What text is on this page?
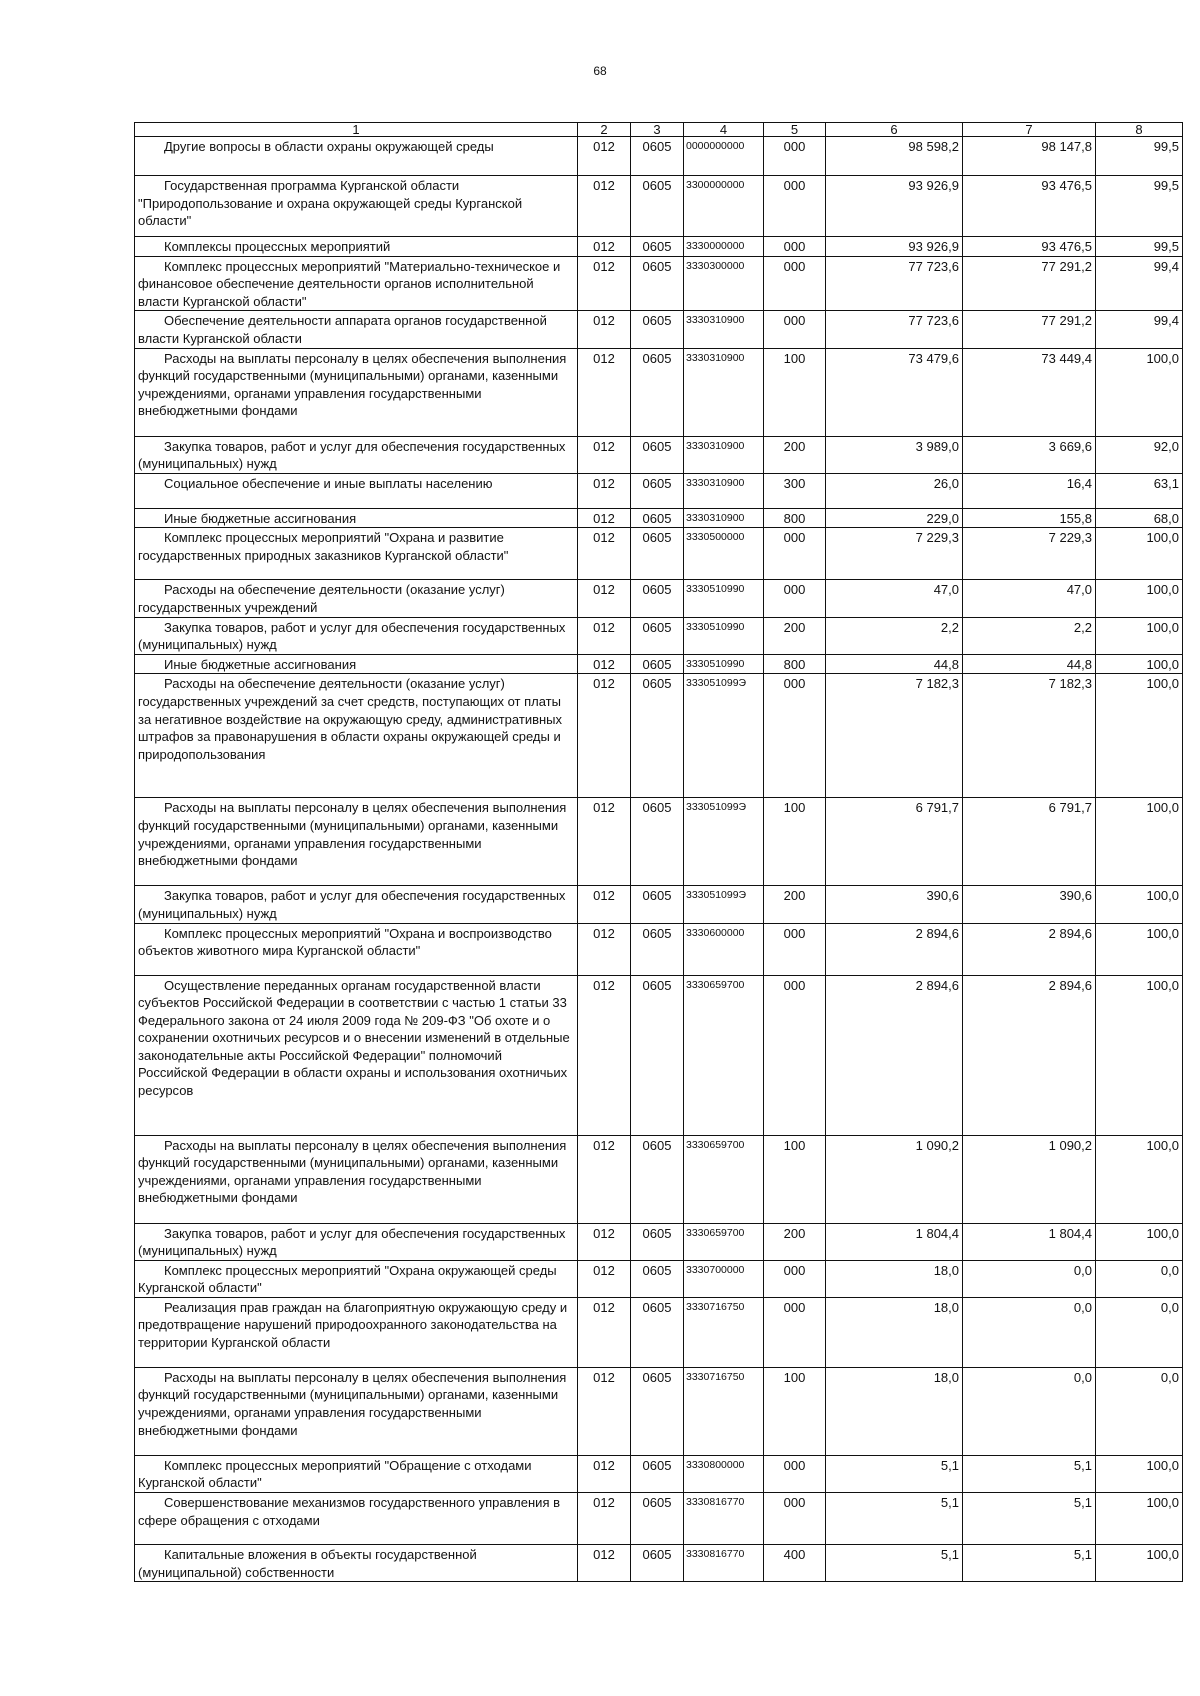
68
1	2	3	4	5	6	7	8

Другие вопросы в области охраны окружающей среды	012	0605	0000000000	000	98 598,2	98 147,8	99,5

Государственная программа Курганской области "Природопользование и охрана окружающей среды Курганской области"	012	0605	3300000000	000	93 926,9	93 476,5	99,5

Комплексы процессных мероприятий	012	0605	3330000000	000	93 926,9	93 476,5	99,5

Комплекс процессных мероприятий "Материально-техническое и финансовое обеспечение деятельности органов исполнительной власти Курганской области"	012	0605	3330300000	000	77 723,6	77 291,2	99,4

Обеспечение деятельности аппарата органов государственной власти Курганской области	012	0605	3330310900	000	77 723,6	77 291,2	99,4

Расходы на выплаты персоналу в целях обеспечения выполнения функций государственными (муниципальными) органами, казенными учреждениями, органами управления государственными внебюджетными фондами	012	0605	3330310900	100	73 479,6	73 449,4	100,0

Закупка товаров, работ и услуг для обеспечения государственных (муниципальных) нужд	012	0605	3330310900	200	3 989,0	3 669,6	92,0

Социальное обеспечение и иные выплаты населению	012	0605	3330310900	300	26,0	16,4	63,1

Иные бюджетные ассигнования	012	0605	3330310900	800	229,0	155,8	68,0

Комплекс процессных мероприятий "Охрана и развитие государственных природных заказников Курганской области"	012	0605	3330500000	000	7 229,3	7 229,3	100,0

Расходы на обеспечение деятельности (оказание услуг) государственных учреждений	012	0605	3330510990	000	47,0	47,0	100,0

Закупка товаров, работ и услуг для обеспечения государственных (муниципальных) нужд	012	0605	3330510990	200	2,2	2,2	100,0

Иные бюджетные ассигнования	012	0605	3330510990	800	44,8	44,8	100,0

Расходы на обеспечение деятельности (оказание услуг) государственных учреждений за счет средств, поступающих от платы за негативное воздействие на окружающую среду, административных штрафов за правонарушения в области охраны окружающей среды и природопользования	012	0605	333051099Э	000	7 182,3	7 182,3	100,0

Расходы на выплаты персоналу в целях обеспечения выполнения функций государственными (муниципальными) органами, казенными учреждениями, органами управления государственными внебюджетными фондами	012	0605	333051099Э	100	6 791,7	6 791,7	100,0

Закупка товаров, работ и услуг для обеспечения государственных (муниципальных) нужд	012	0605	333051099Э	200	390,6	390,6	100,0

Комплекс процессных мероприятий "Охрана и воспроизводство объектов животного мира Курганской области"	012	0605	3330600000	000	2 894,6	2 894,6	100,0

Осуществление переданных органам государственной власти субъектов Российской Федерации в соответствии с частью 1 статьи 33 Федерального закона от 24 июля 2009 года № 209-ФЗ "Об охоте и о сохранении охотничьих ресурсов и о внесении изменений в отдельные законодательные акты Российской Федерации" полномочий Российской Федерации в области охраны и использования охотничьих ресурсов	012	0605	3330659700	000	2 894,6	2 894,6	100,0

Расходы на выплаты персоналу в целях обеспечения выполнения функций государственными (муниципальными) органами, казенными учреждениями, органами управления государственными внебюджетными фондами	012	0605	3330659700	100	1 090,2	1 090,2	100,0

Закупка товаров, работ и услуг для обеспечения государственных (муниципальных) нужд	012	0605	3330659700	200	1 804,4	1 804,4	100,0

Комплекс процессных мероприятий "Охрана окружающей среды Курганской области"	012	0605	3330700000	000	18,0	0,0	0,0

Реализация прав граждан на благоприятную окружающую среду и предотвращение нарушений природоохранного законодательства на территории Курганской области	012	0605	3330716750	000	18,0	0,0	0,0

Расходы на выплаты персоналу в целях обеспечения выполнения функций государственными (муниципальными) органами, казенными учреждениями, органами управления государственными внебюджетными фондами	012	0605	3330716750	100	18,0	0,0	0,0

Комплекс процессных мероприятий "Обращение с отходами Курганской области"	012	0605	3330800000	000	5,1	5,1	100,0

Совершенствование механизмов государственного управления в сфере обращения с отходами	012	0605	3330816770	000	5,1	5,1	100,0

Капитальные вложения в объекты государственной (муниципальной) собственности	012	0605	3330816770	400	5,1	5,1	100,0
